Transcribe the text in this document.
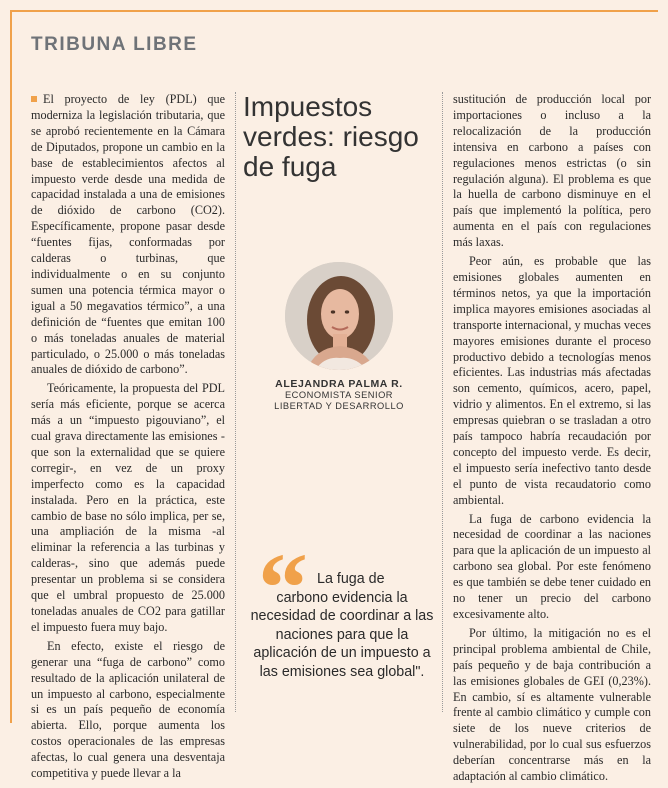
TRIBUNA LIBRE

El proyecto de ley (PDL) que moderniza la legislación tributaria, que se aprobó recientemente en la Cámara de Diputados, propone un cambio en la base de establecimientos afectos al impuesto verde desde una medida de capacidad instalada a una de emisiones de dióxido de carbono (CO2). Específicamente, propone pasar desde “fuentes fijas, conformadas por calderas o turbinas, que individualmente o en su conjunto sumen una potencia térmica mayor o igual a 50 megavatios térmico”, a una definición de “fuentes que emitan 100 o más toneladas anuales de material particulado, o 25.000 o más toneladas anuales de dióxido de carbono”.

Teóricamente, la propuesta del PDL sería más eficiente, porque se acerca más a un “impuesto pigouviano”, el cual grava directamente las emisiones -que son la externalidad que se quiere corregir-, en vez de un proxy imperfecto como es la capacidad instalada. Pero en la práctica, este cambio de base no sólo implica, per se, una ampliación de la misma -al eliminar la referencia a las turbinas y calderas-, sino que además puede presentar un problema si se considera que el umbral propuesto de 25.000 toneladas anuales de CO2 para gatillar el impuesto fuera muy bajo.

En efecto, existe el riesgo de generar una “fuga de carbono” como resultado de la aplicación unilateral de un impuesto al carbono, especialmente si es un país pequeño de economía abierta. Ello, porque aumenta los costos operacionales de las empresas afectas, lo cual genera una desventaja competitiva y puede llevar a la

Impuestos verdes: riesgo de fuga
ALEJANDRA PALMA R.
ECONOMISTA SENIOR
LIBERTAD Y DESARROLLO
“ La fuga de
carbono evidencia la necesidad de coordinar a las naciones para que la aplicación de un impuesto a las emisiones sea global".

sustitución de producción local por importaciones o incluso a la relocalización de la producción intensiva en carbono a países con regulaciones menos estrictas (o sin regulación alguna). El problema es que la huella de carbono disminuye en el país que implementó la política, pero aumenta en el país con regulaciones más laxas.

Peor aún, es probable que las emisiones globales aumenten en términos netos, ya que la importación implica mayores emisiones asociadas al transporte internacional, y muchas veces mayores emisiones durante el proceso productivo debido a tecnologías menos eficientes. Las industrias más afectadas son cemento, químicos, acero, papel, vidrio y alimentos. En el extremo, si las empresas quiebran o se trasladan a otro país tampoco habría recaudación por concepto del impuesto verde. Es decir, el impuesto sería inefectivo tanto desde el punto de vista recaudatorio como ambiental.

La fuga de carbono evidencia la necesidad de coordinar a las naciones para que la aplicación de un impuesto al carbono sea global. Por este fenómeno es que también se debe tener cuidado en no tener un precio del carbono excesivamente alto.

Por último, la mitigación no es el principal problema ambiental de Chile, país pequeño y de baja contribución a las emisiones globales de GEI (0,23%). En cambio, sí es altamente vulnerable frente al cambio climático y cumple con siete de los nueve criterios de vulnerabilidad, por lo cual sus esfuerzos deberían concentrarse más en la adaptación al cambio climático.
